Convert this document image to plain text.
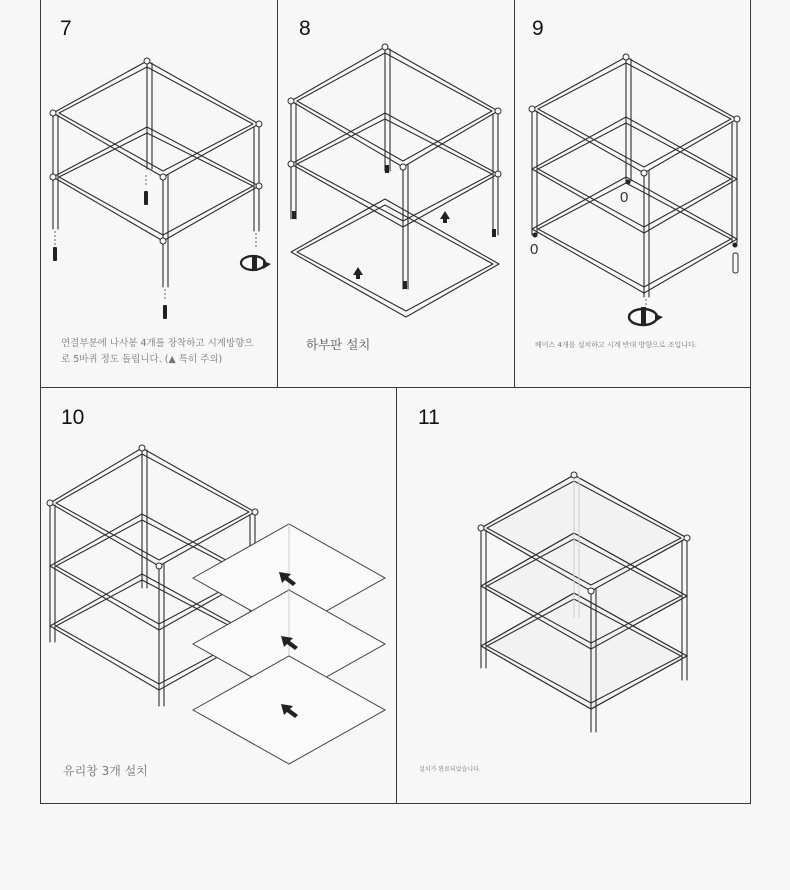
7
연결부분에 나사봉 4개를 장착하고 시계방향으
로 5바퀴 정도 돌립니다. (▲ 특히 주의)
8
하부판 설치
9
0
0
베이스 4개를 설치하고 시계 반대 방향으로 조입니다.
10
유리창 3개 설치
11
설치가 완료되었습니다.
